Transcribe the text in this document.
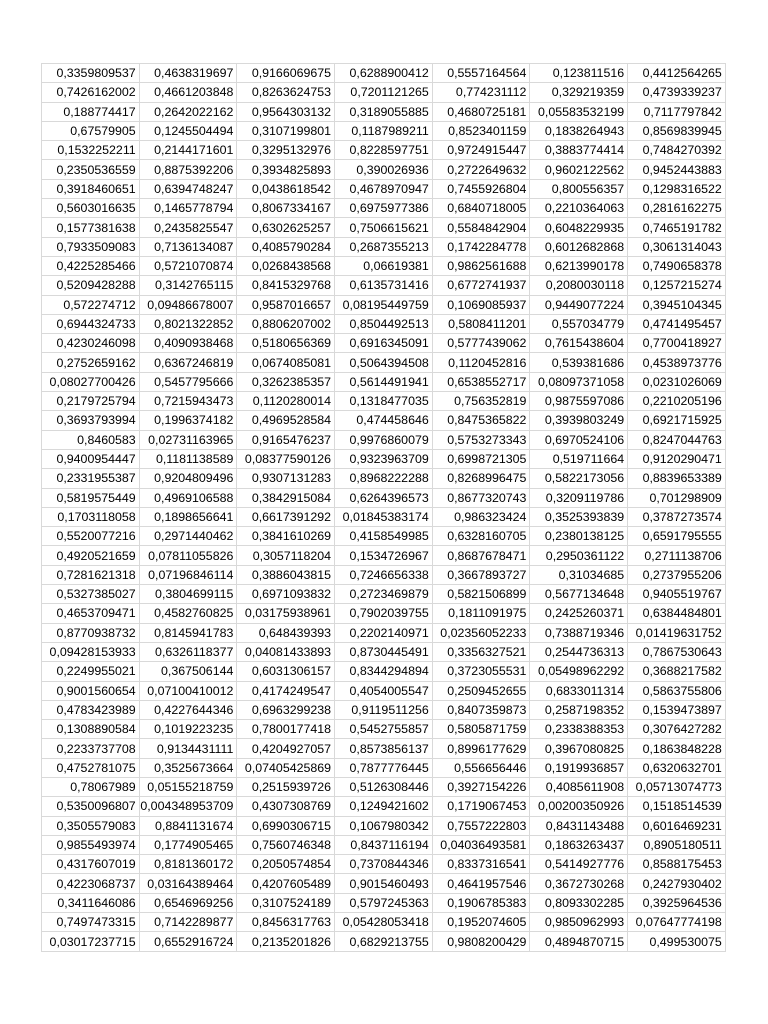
0,3359809537	0,4638319697	0,9166069675	0,6288900412	0,5557164564	0,123811516	0,4412564265
0,7426162002	0,4661203848	0,8263624753	0,7201121265	0,774231112	0,329219359	0,4739339237
0,188774417	0,2642022162	0,9564303132	0,3189055885	0,4680725181	0,05583532199	0,7117797842
0,67579905	0,1245504494	0,3107199801	0,1187989211	0,8523401159	0,1838264943	0,8569839945
0,1532252211	0,2144171601	0,3295132976	0,8228597751	0,9724915447	0,3883774414	0,7484270392
0,2350536559	0,8875392206	0,3934825893	0,390026936	0,2722649632	0,9602122562	0,9452443883
0,3918460651	0,6394748247	0,0438618542	0,4678970947	0,7455926804	0,800556357	0,1298316522
0,5603016635	0,1465778794	0,8067334167	0,6975977386	0,6840718005	0,2210364063	0,2816162275
0,1577381638	0,2435825547	0,6302625257	0,7506615621	0,5584842904	0,6048229935	0,7465191782
0,7933509083	0,7136134087	0,4085790284	0,2687355213	0,1742284778	0,6012682868	0,3061314043
0,4225285466	0,5721070874	0,0268438568	0,06619381	0,9862561688	0,6213990178	0,7490658378
0,5209428288	0,3142765115	0,8415329768	0,6135731416	0,6772741937	0,2080030118	0,1257215274
0,572274712	0,09486678007	0,9587016657	0,08195449759	0,1069085937	0,9449077224	0,3945104345
0,6944324733	0,8021322852	0,8806207002	0,8504492513	0,5808411201	0,557034779	0,4741495457
0,4230246098	0,4090938468	0,5180656369	0,6916345091	0,5777439062	0,7615438604	0,7700418927
0,2752659162	0,6367246819	0,0674085081	0,5064394508	0,1120452816	0,539381686	0,4538973776
0,08027700426	0,5457795666	0,3262385357	0,5614491941	0,6538552717	0,08097371058	0,0231026069
0,2179725794	0,7215943473	0,1120280014	0,1318477035	0,756352819	0,9875597086	0,2210205196
0,3693793994	0,1996374182	0,4969528584	0,474458646	0,8475365822	0,3939803249	0,6921715925
0,8460583	0,02731163965	0,9165476237	0,9976860079	0,5753273343	0,6970524106	0,8247044763
0,9400954447	0,1181138589	0,08377590126	0,9323963709	0,6998721305	0,519711664	0,9120290471
0,2331955387	0,9204809496	0,9307131283	0,8968222288	0,8268996475	0,5822173056	0,8839653389
0,5819575449	0,4969106588	0,3842915084	0,6264396573	0,8677320743	0,3209119786	0,701298909
0,1703118058	0,1898656641	0,6617391292	0,01845383174	0,986323424	0,3525393839	0,3787273574
0,5520077216	0,2971440462	0,3841610269	0,4158549985	0,6328160705	0,2380138125	0,6591795555
0,4920521659	0,07811055826	0,3057118204	0,1534726967	0,8687678471	0,2950361122	0,2711138706
0,7281621318	0,07196846114	0,3886043815	0,7246656338	0,3667893727	0,31034685	0,2737955206
0,5327385027	0,3804699115	0,6971093832	0,2723469879	0,5821506899	0,5677134648	0,9405519767
0,4653709471	0,4582760825	0,03175938961	0,7902039755	0,1811091975	0,2425260371	0,6384484801
0,8770938732	0,8145941783	0,648439393	0,2202140971	0,02356052233	0,7388719346	0,01419631752
0,09428153933	0,6326118377	0,04081433893	0,8730445491	0,3356327521	0,2544736313	0,7867530643
0,2249955021	0,367506144	0,6031306157	0,8344294894	0,3723055531	0,05498962292	0,3688217582
0,9001560654	0,07100410012	0,4174249547	0,4054005547	0,2509452655	0,6833011314	0,5863755806
0,4783423989	0,4227644346	0,6963299238	0,9119511256	0,8407359873	0,2587198352	0,1539473897
0,1308890584	0,1019223235	0,7800177418	0,5452755857	0,5805871759	0,2338388353	0,3076427282
0,2233737708	0,9134431111	0,4204927057	0,8573856137	0,8996177629	0,3967080825	0,1863848228
0,4752781075	0,3525673664	0,07405425869	0,7877776445	0,556656446	0,1919936857	0,6320632701
0,78067989	0,05155218759	0,2515939726	0,5126308446	0,3927154226	0,4085611908	0,05713074773
0,5350096807	0,004348953709	0,4307308769	0,1249421602	0,1719067453	0,00200350926	0,1518514539
0,3505579083	0,8841131674	0,6990306715	0,1067980342	0,7557222803	0,8431143488	0,6016469231
0,9855493974	0,1774905465	0,7560746348	0,8437116194	0,04036493581	0,1863263437	0,8905180511
0,4317607019	0,8181360172	0,2050574854	0,7370844346	0,8337316541	0,5414927776	0,8588175453
0,4223068737	0,03164389464	0,4207605489	0,9015460493	0,4641957546	0,3672730268	0,2427930402
0,3411646086	0,6546969256	0,3107524189	0,5797245363	0,1906785383	0,8093302285	0,3925964536
0,7497473315	0,7142289877	0,8456317763	0,05428053418	0,1952074605	0,9850962993	0,07647774198
0,03017237715	0,6552916724	0,2135201826	0,6829213755	0,9808200429	0,4894870715	0,499530075
